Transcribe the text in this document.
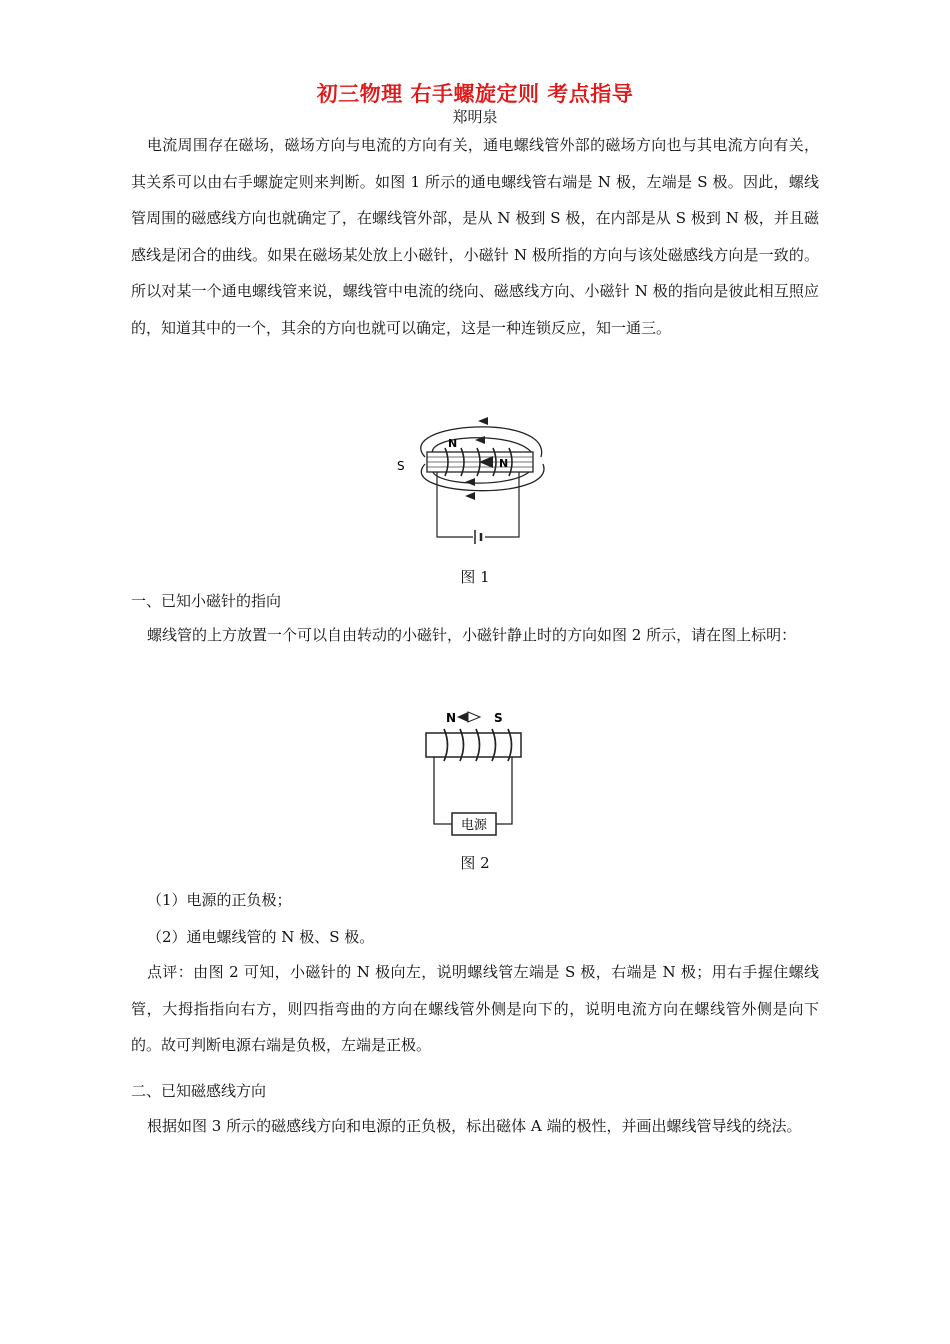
初三物理 右手螺旋定则 考点指导
郑明泉
电流周围存在磁场，磁场方向与电流的方向有关，通电螺线管外部的磁场方向也与其电流方向有关，其关系可以由右手螺旋定则来判断。如图 1 所示的通电螺线管右端是 N 极，左端是 S 极。因此，螺线管周围的磁感线方向也就确定了，在螺线管外部，是从 N 极到 S 极，在内部是从 S 极到 N 极，并且磁感线是闭合的曲线。如果在磁场某处放上小磁针，小磁针 N 极所指的方向与该处磁感线方向是一致的。所以对某一个通电螺线管来说，螺线管中电流的绕向、磁感线方向、小磁针 N 极的指向是彼此相互照应的，知道其中的一个，其余的方向也就可以确定，这是一种连锁反应，知一通三。
S
N
N
图 1
一、已知小磁针的指向
螺线管的上方放置一个可以自由转动的小磁针，小磁针静止时的方向如图 2 所示，请在图上标明：
N	S
电源
图 2
（1）电源的正负极；
（2）通电螺线管的 N 极、S 极。
点评：由图 2 可知，小磁针的 N 极向左，说明螺线管左端是 S 极，右端是 N 极；用右手握住螺线管，大拇指指向右方，则四指弯曲的方向在螺线管外侧是向下的，说明电流方向在螺线管外侧是向下的。故可判断电源右端是负极，左端是正极。
二、已知磁感线方向
根据如图 3 所示的磁感线方向和电源的正负极，标出磁体 A 端的极性，并画出螺线管导线的绕法。
